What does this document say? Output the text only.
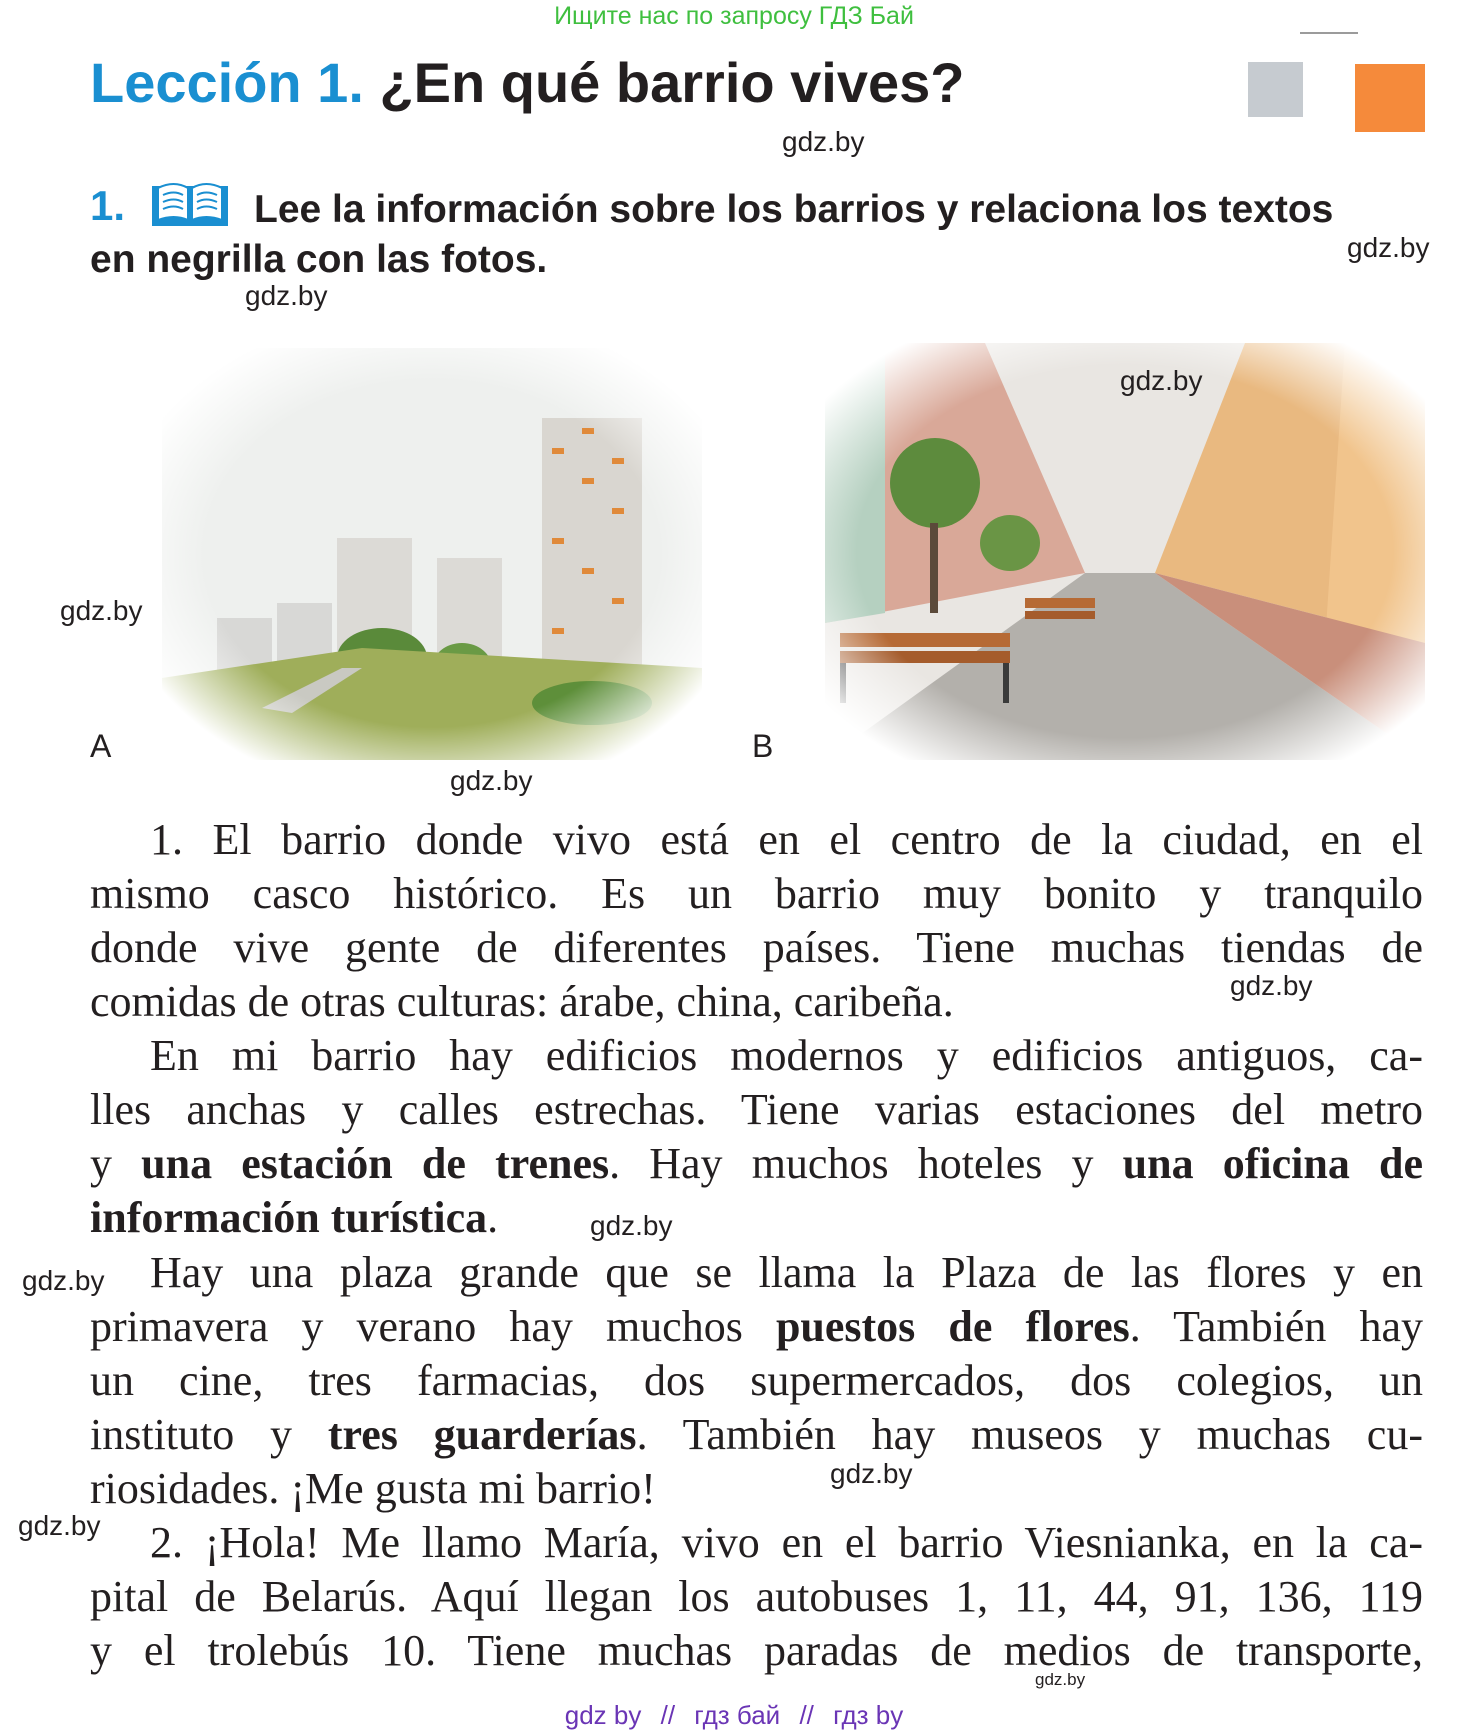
Ищите нас по запросу ГДЗ Бай
Lección 1. ¿En qué barrio vives?
gdz.by
1.	Lee la información sobre los barrios y relaciona los textos
en negrilla con las fotos.	gdz.by
gdz.by
gdz.by
gdz.by
A	B
gdz.by
1. El barrio donde vivo está en el centro de la ciudad, en el
mismo casco histórico. Es un barrio muy bonito y tranquilo
donde vive gente de diferentes países. Tiene muchas tiendas de
comidas de otras culturas: árabe, china, caribeña.
En mi barrio hay edificios modernos y edificios antiguos, ca-
lles anchas y calles estrechas. Tiene varias estaciones del metro
y una estación de trenes. Hay muchos hoteles y una oficina de
información turística.
Hay una plaza grande que se llama la Plaza de las flores y en
primavera y verano hay muchos puestos de flores. También hay
un cine, tres farmacias, dos supermercados, dos colegios, un
instituto y tres guarderías. También hay museos y muchas cu-
riosidades. ¡Me gusta mi barrio!
2. ¡Hola! Me llamo María, vivo en el barrio Viesnianka, en la ca-
pital de Belarús. Aquí llegan los autobuses 1, 11, 44, 91, 136, 119
y el trolebús 10. Tiene muchas paradas de medios de transporte,
gdz.by
gdz.by
gdz.by
gdz.by
gdz.by
gdz.by
gdz by // гдз бай // гдз by
